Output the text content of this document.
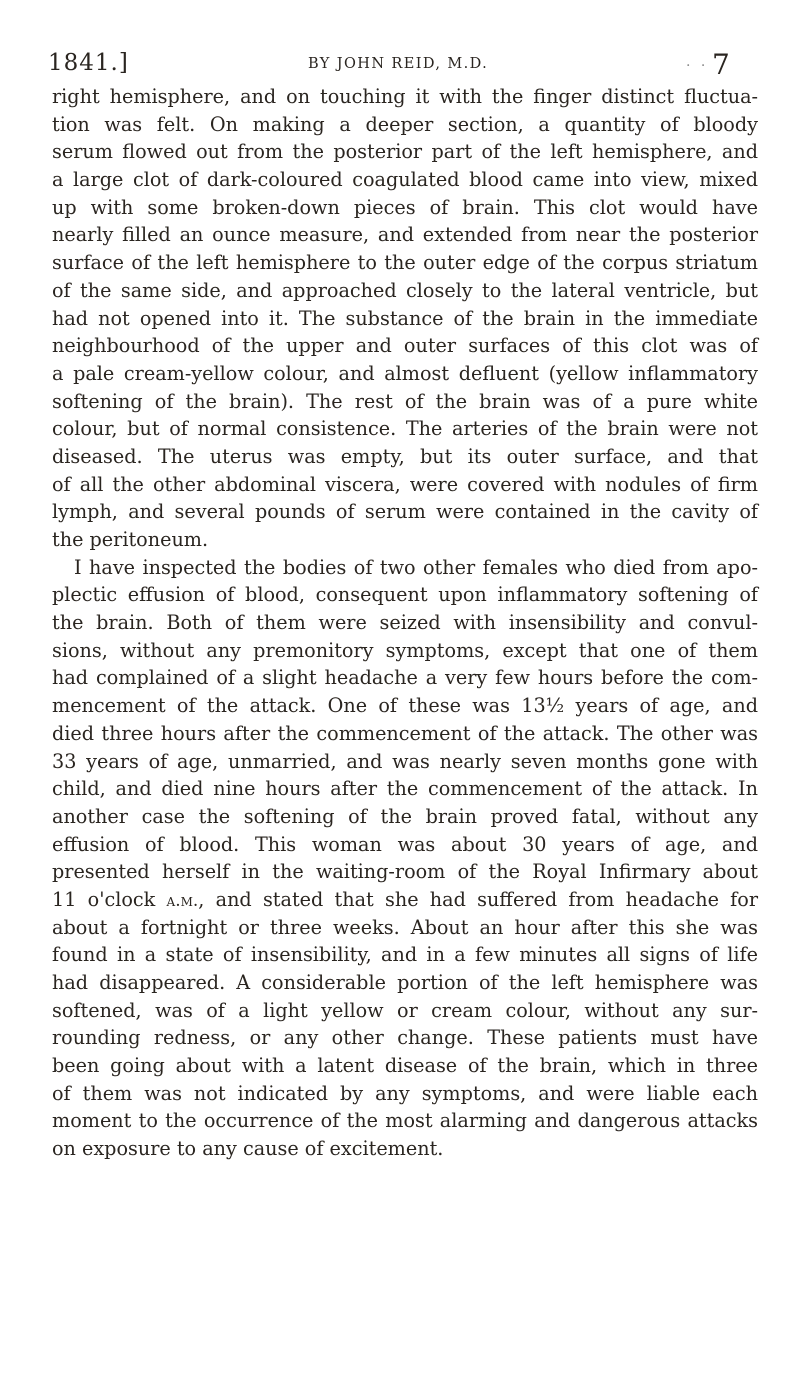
1841.]	BY JOHN REID, M.D.	· · 7
right hemisphere, and on touching it with the finger distinct fluctua-
tion was felt. On making a deeper section, a quantity of bloody
serum flowed out from the posterior part of the left hemisphere, and
a large clot of dark-coloured coagulated blood came into view, mixed
up with some broken-down pieces of brain. This clot would have
nearly filled an ounce measure, and extended from near the posterior
surface of the left hemisphere to the outer edge of the corpus striatum
of the same side, and approached closely to the lateral ventricle, but
had not opened into it. The substance of the brain in the immediate
neighbourhood of the upper and outer surfaces of this clot was of
a pale cream-yellow colour, and almost defluent (yellow inflammatory
softening of the brain). The rest of the brain was of a pure white
colour, but of normal consistence. The arteries of the brain were not
diseased. The uterus was empty, but its outer surface, and that
of all the other abdominal viscera, were covered with nodules of firm
lymph, and several pounds of serum were contained in the cavity of
the peritoneum.
I have inspected the bodies of two other females who died from apo-
plectic effusion of blood, consequent upon inflammatory softening of
the brain. Both of them were seized with insensibility and convul-
sions, without any premonitory symptoms, except that one of them
had complained of a slight headache a very few hours before the com-
mencement of the attack. One of these was 13½ years of age, and
died three hours after the commencement of the attack. The other was
33 years of age, unmarried, and was nearly seven months gone with
child, and died nine hours after the commencement of the attack. In
another case the softening of the brain proved fatal, without any
effusion of blood. This woman was about 30 years of age, and
presented herself in the waiting-room of the Royal Infirmary about
11 o'clock a.m., and stated that she had suffered from headache for
about a fortnight or three weeks. About an hour after this she was
found in a state of insensibility, and in a few minutes all signs of life
had disappeared. A considerable portion of the left hemisphere was
softened, was of a light yellow or cream colour, without any sur-
rounding redness, or any other change. These patients must have
been going about with a latent disease of the brain, which in three
of them was not indicated by any symptoms, and were liable each
moment to the occurrence of the most alarming and dangerous attacks
on exposure to any cause of excitement.
